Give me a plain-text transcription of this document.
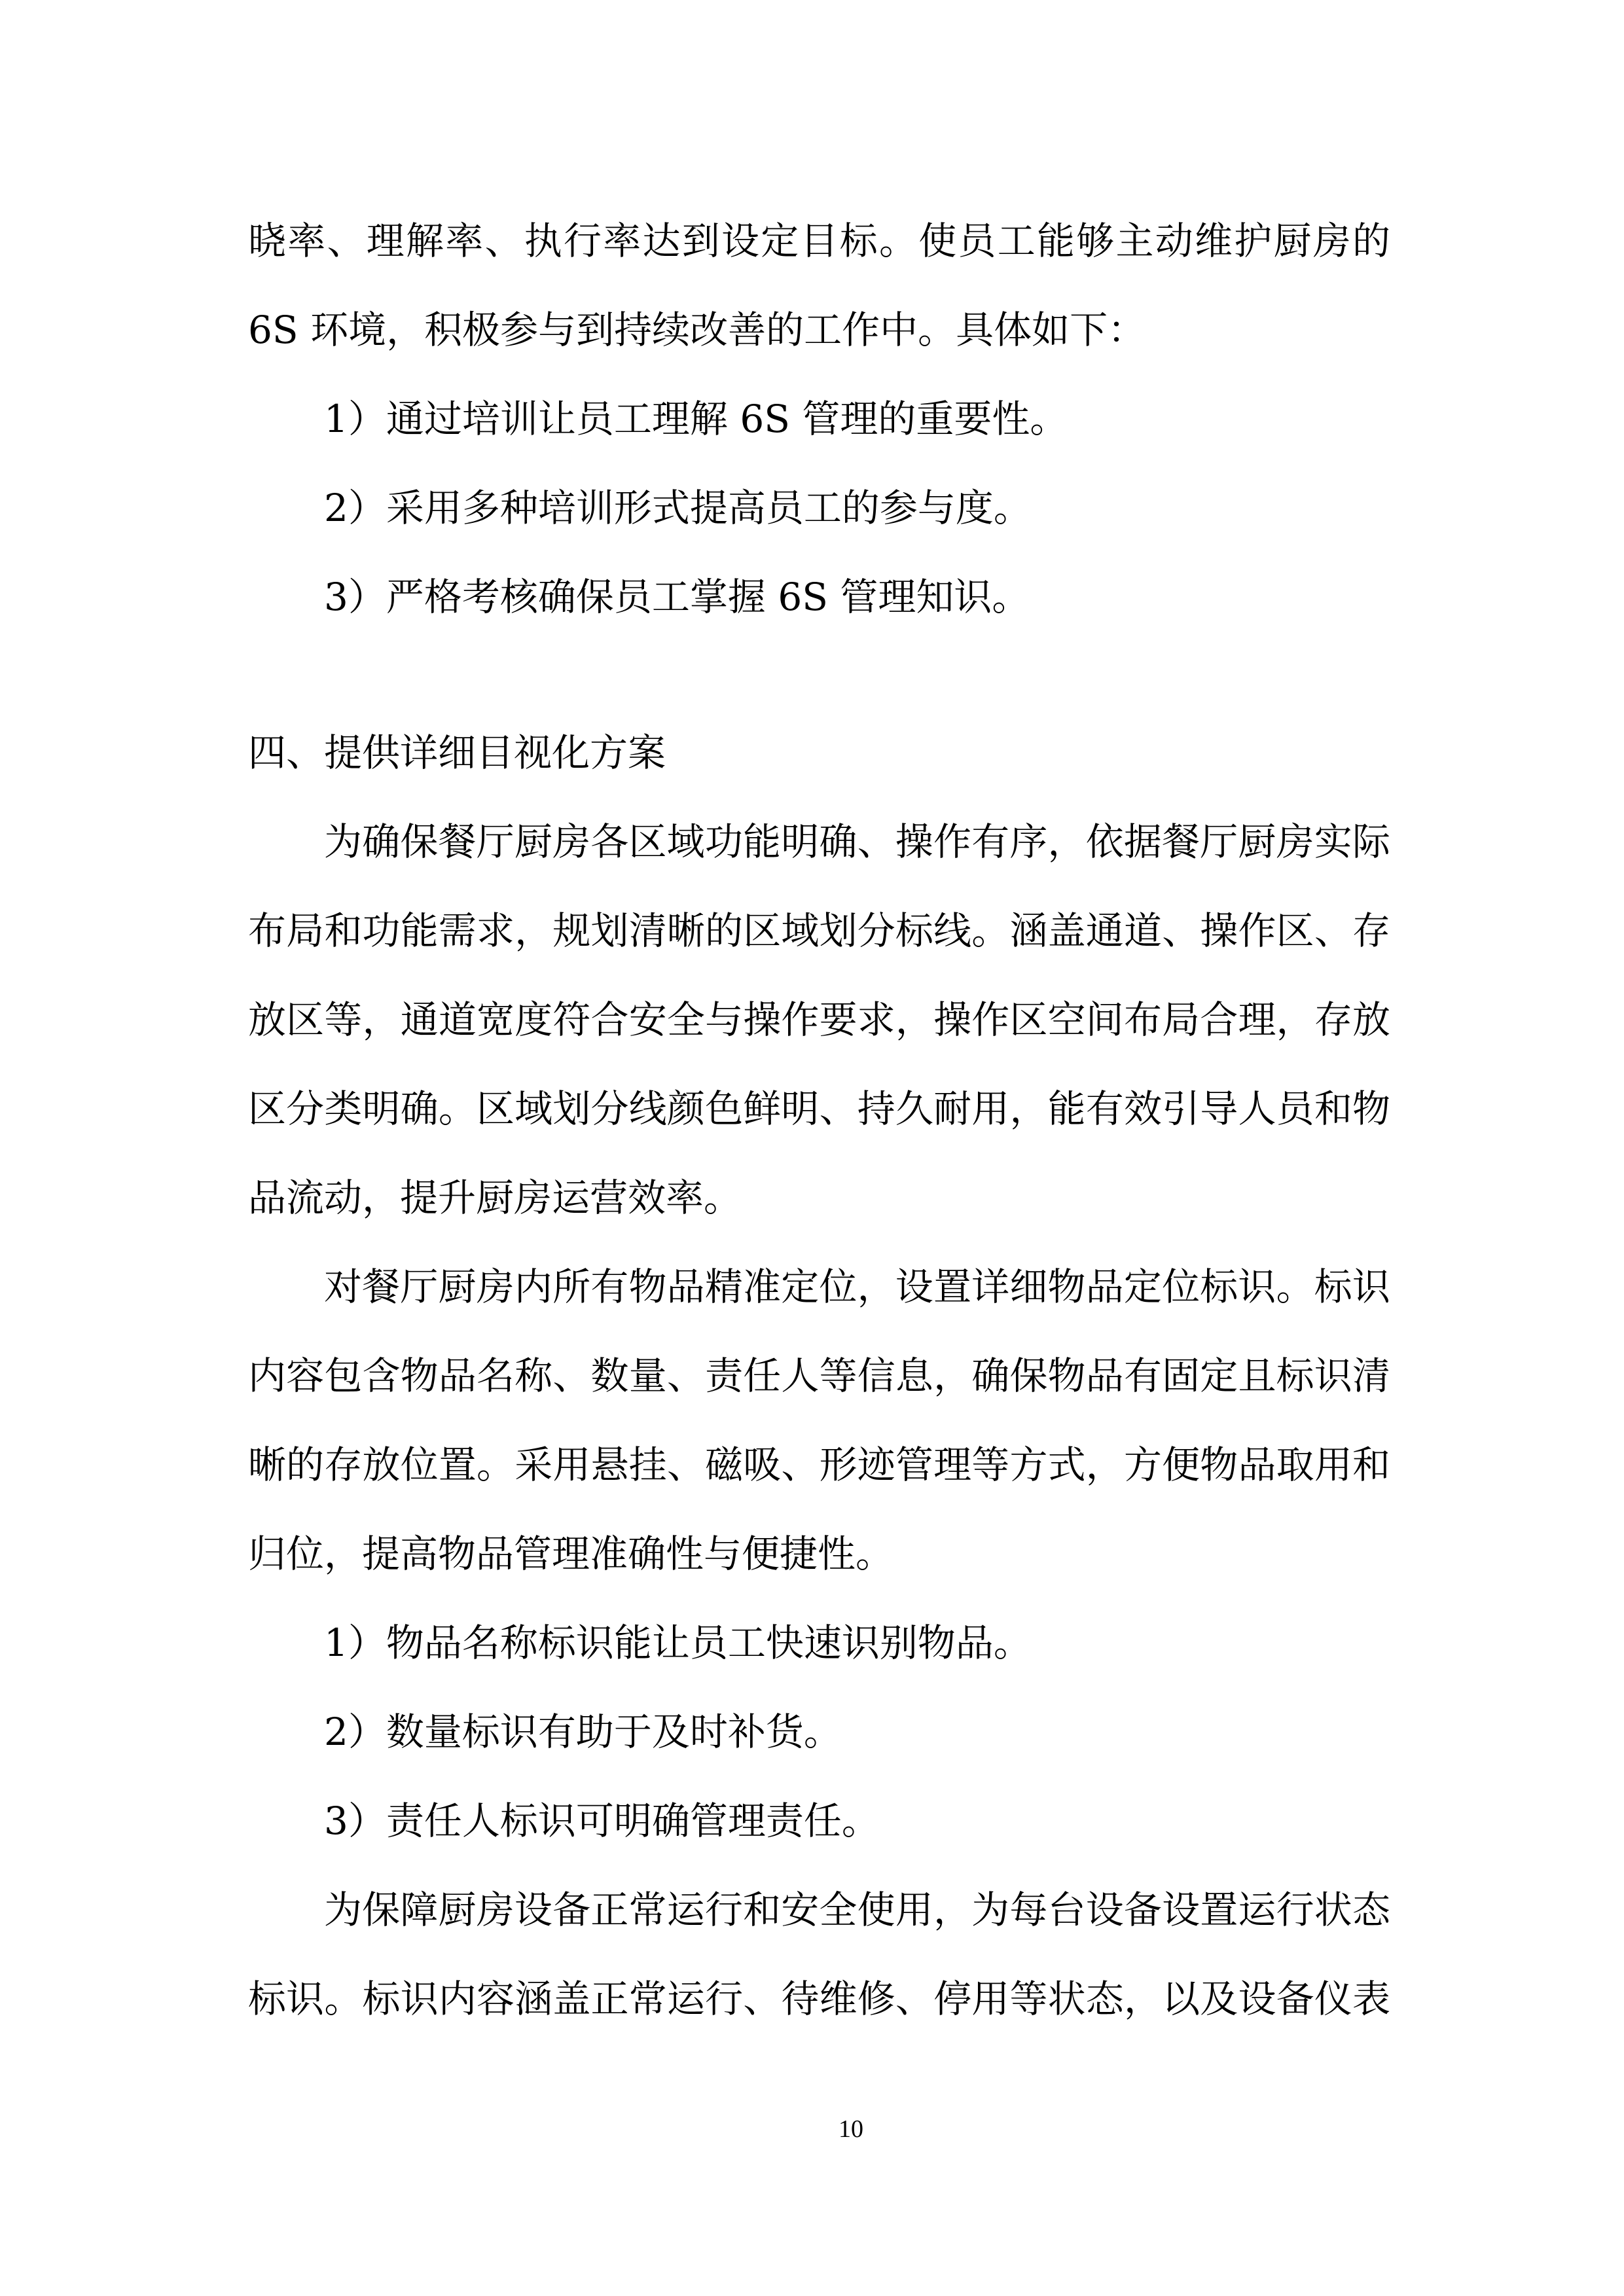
晓率、理解率、执行率达到设定目标。使员工能够主动维护厨房的
6S 环境，积极参与到持续改善的工作中。具体如下：
1）通过培训让员工理解 6S 管理的重要性。
2）采用多种培训形式提高员工的参与度。
3）严格考核确保员工掌握 6S 管理知识。
四、提供详细目视化方案
为确保餐厅厨房各区域功能明确、操作有序，依据餐厅厨房实际
布局和功能需求，规划清晰的区域划分标线。涵盖通道、操作区、存
放区等，通道宽度符合安全与操作要求，操作区空间布局合理，存放
区分类明确。区域划分线颜色鲜明、持久耐用，能有效引导人员和物
品流动，提升厨房运营效率。
对餐厅厨房内所有物品精准定位，设置详细物品定位标识。标识
内容包含物品名称、数量、责任人等信息，确保物品有固定且标识清
晰的存放位置。采用悬挂、磁吸、形迹管理等方式，方便物品取用和
归位，提高物品管理准确性与便捷性。
1）物品名称标识能让员工快速识别物品。
2）数量标识有助于及时补货。
3）责任人标识可明确管理责任。
为保障厨房设备正常运行和安全使用，为每台设备设置运行状态
标识。标识内容涵盖正常运行、待维修、停用等状态，以及设备仪表
10
